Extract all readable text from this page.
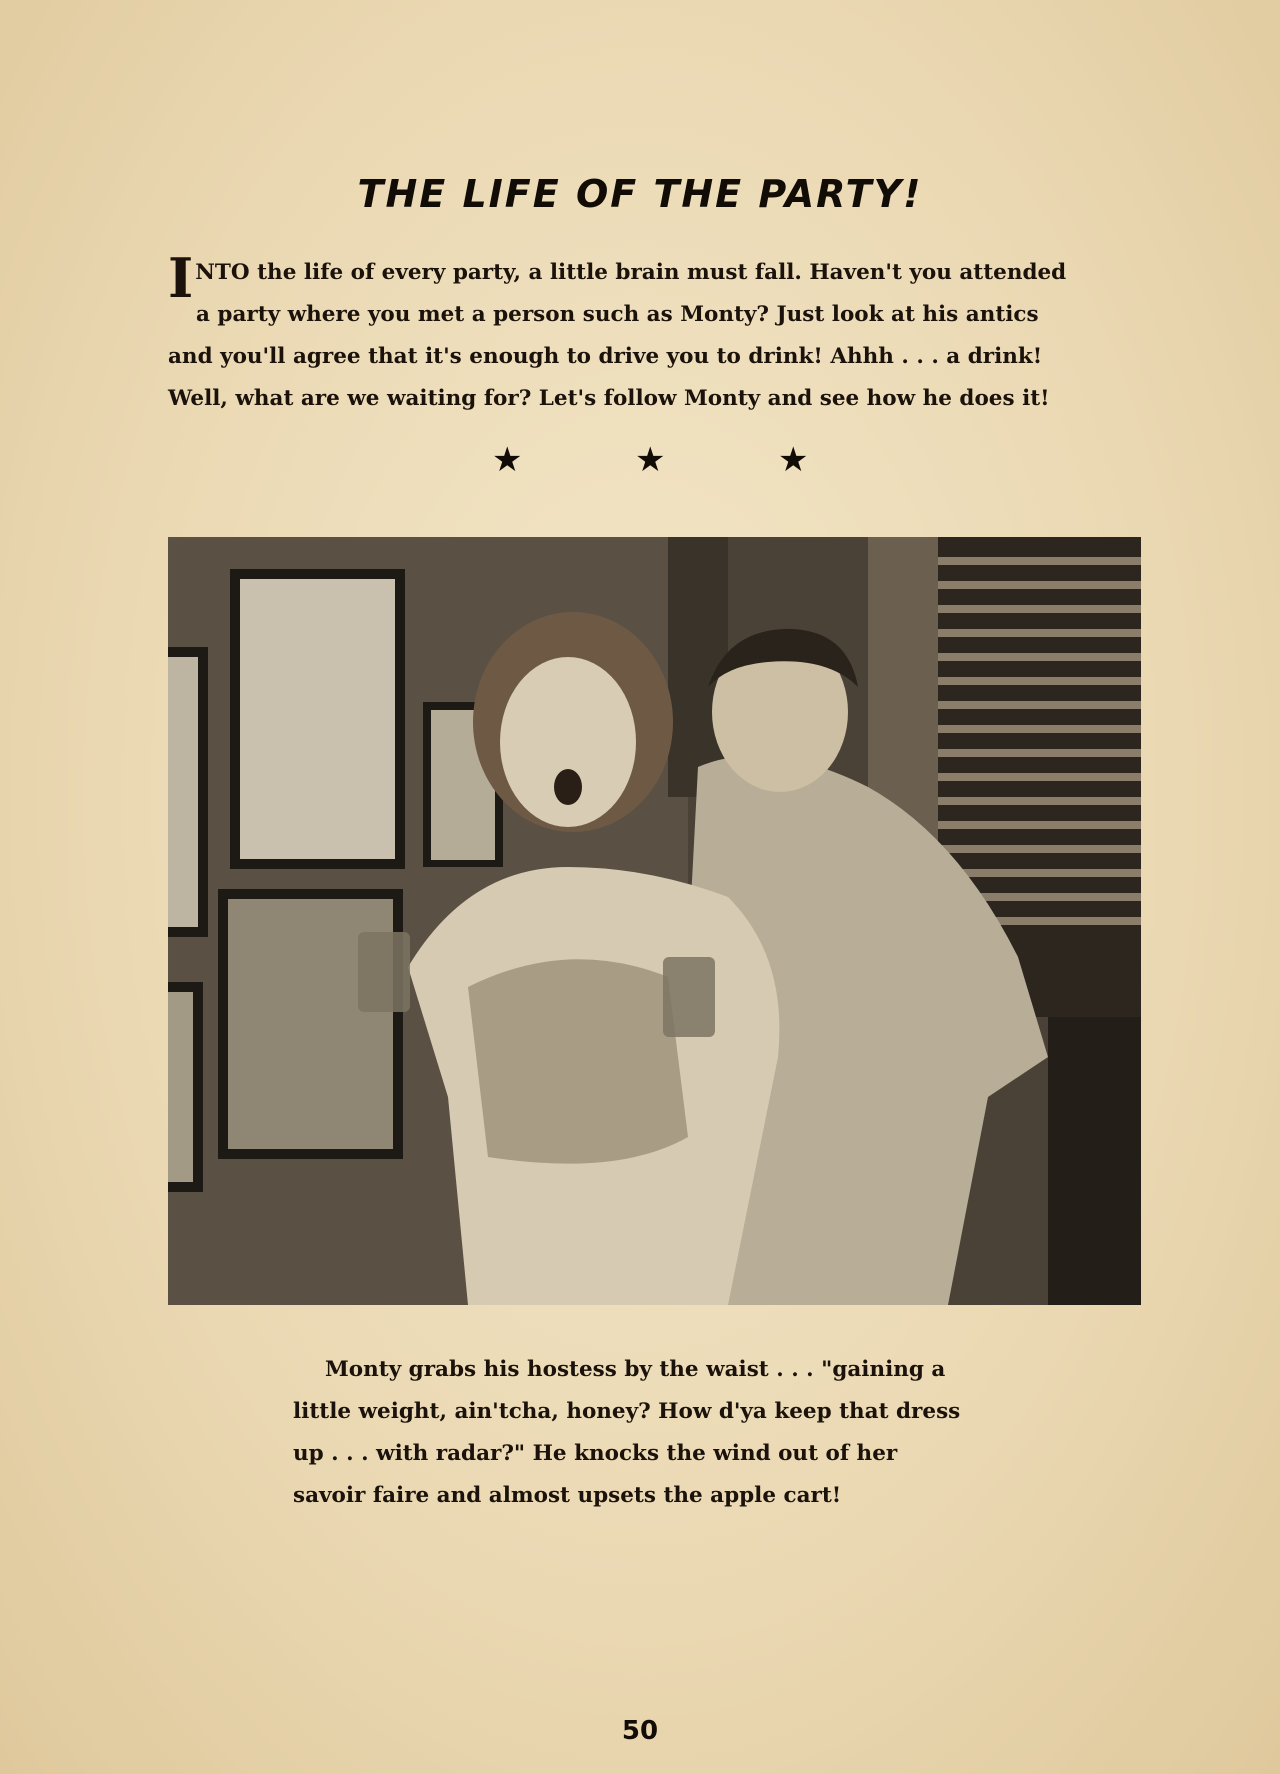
THE LIFE OF THE PARTY!
I NTO the life of every party, a little brain must fall. Haven't you attended
a party where you met a person such as Monty? Just look at his antics
and you'll agree that it's enough to drive you to drink! Ahhh . . . a drink!
Well, what are we waiting for? Let's follow Monty and see how he does it!
★	★	★
Monty grabs his hostess by the waist . . . "gaining a
little weight, ain'tcha, honey? How d'ya keep that dress
up . . . with radar?" He knocks the wind out of her
savoir faire and almost upsets the apple cart!
50
